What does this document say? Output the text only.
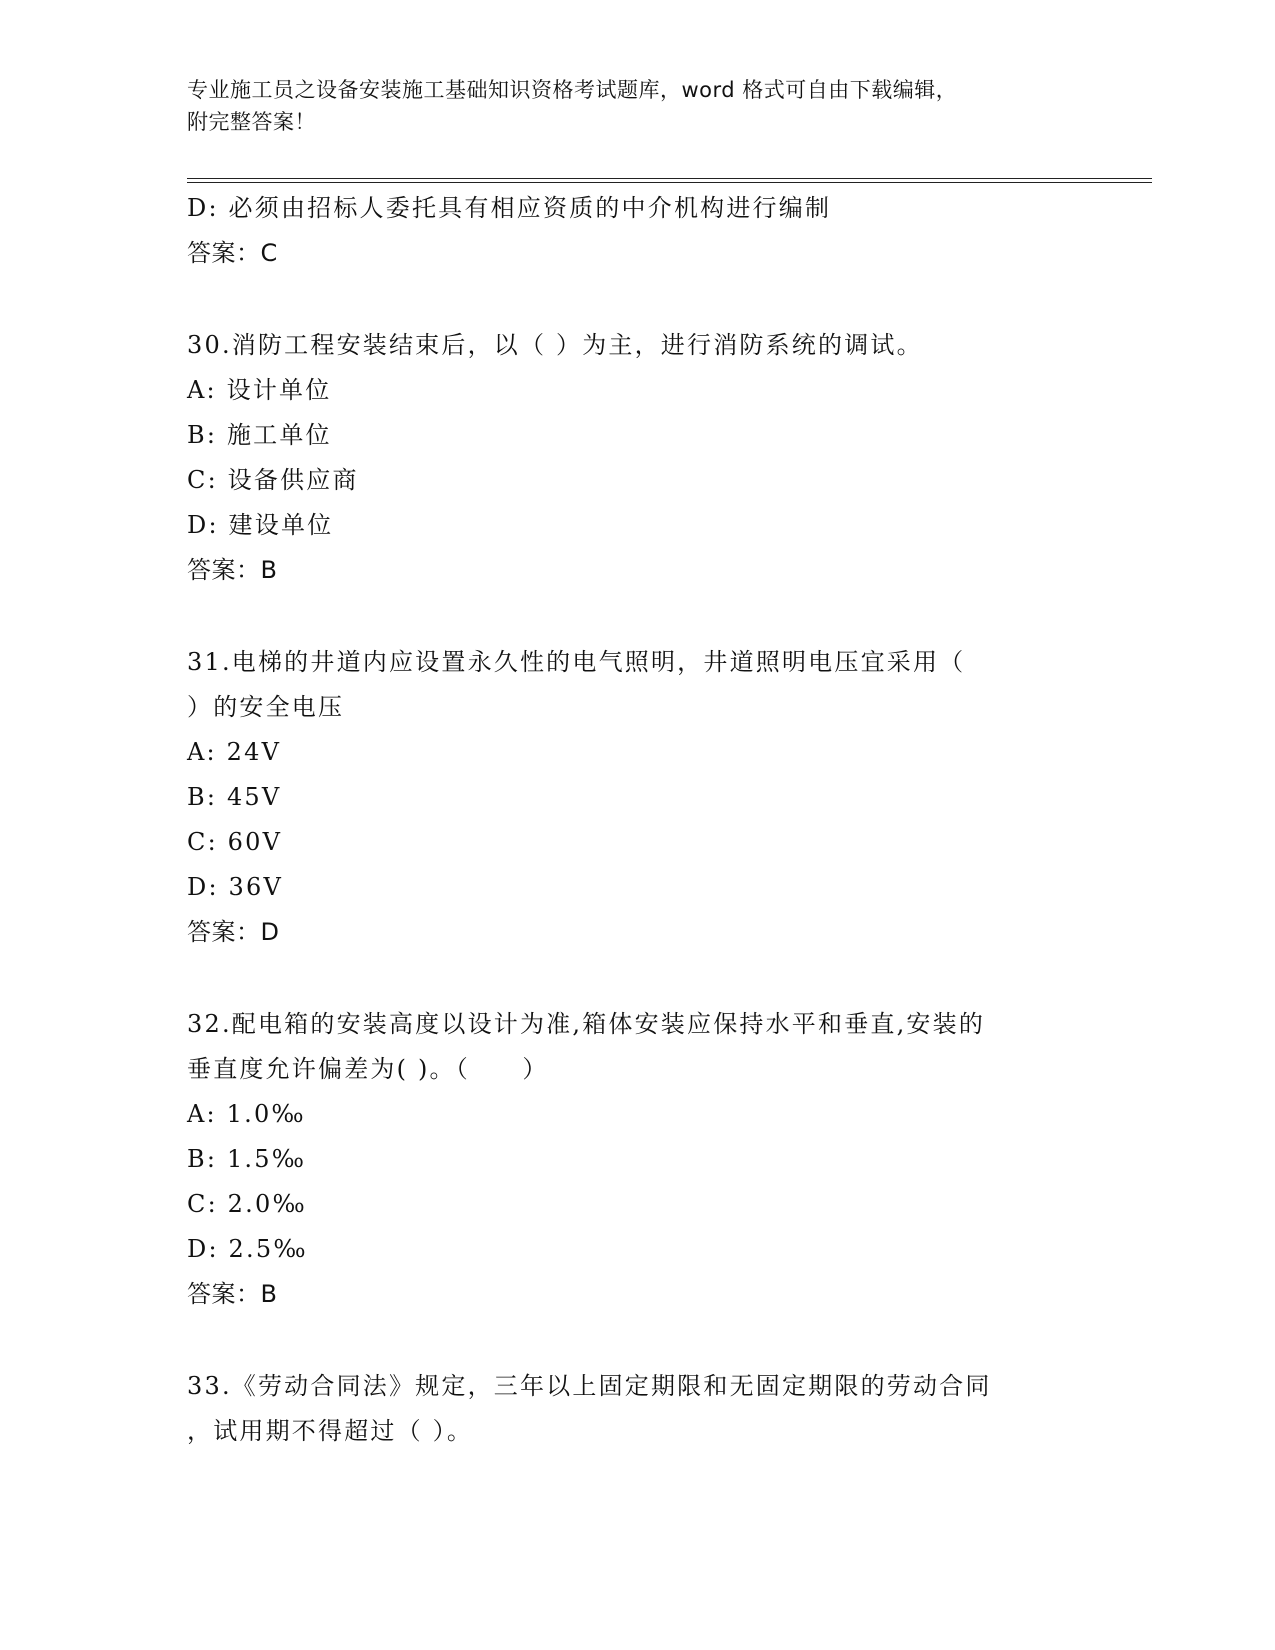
专业施工员之设备安装施工基础知识资格考试题库，word 格式可自由下载编辑，
附完整答案！
D: 必须由招标人委托具有相应资质的中介机构进行编制
答案：C
30.消防工程安装结束后，以（ ）为主，进行消防系统的调试。
A: 设计单位
B: 施工单位
C: 设备供应商
D: 建设单位
答案：B
31.电梯的井道内应设置永久性的电气照明，井道照明电压宜采用（
）的安全电压
A: 24V
B: 45V
C: 60V
D: 36V
答案：D
32.配电箱的安装高度以设计为准,箱体安装应保持水平和垂直,安装的
垂直度允许偏差为( )。（　　）
A: 1.0‰
B: 1.5‰
C: 2.0‰
D: 2.5‰
答案：B
33.《劳动合同法》规定，三年以上固定期限和无固定期限的劳动合同
，试用期不得超过（ ）。
